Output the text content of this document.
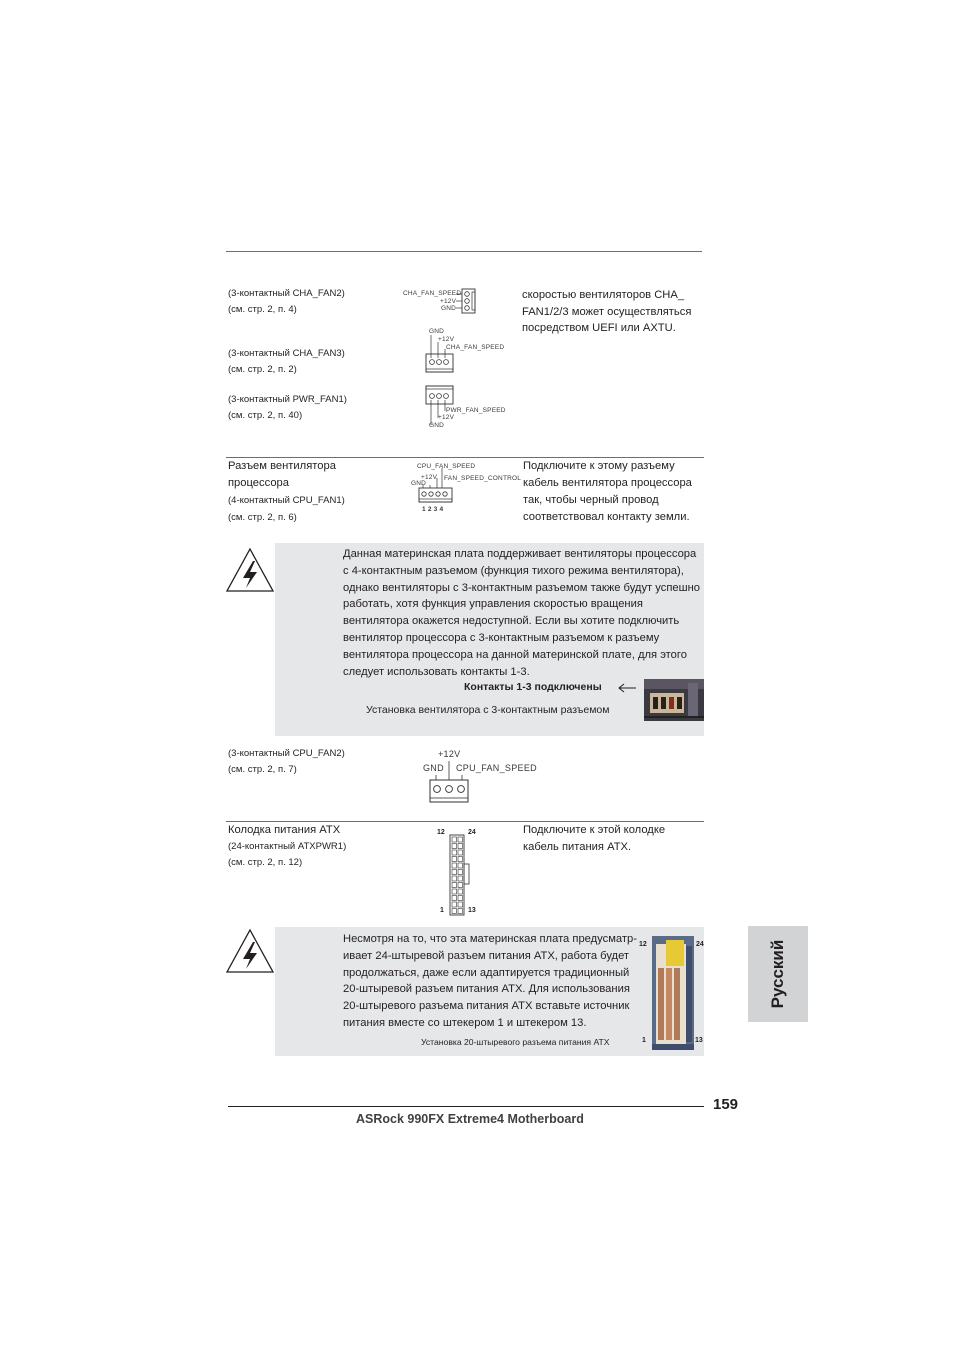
(3-контактный CHA_FAN2)
(см. стр. 2, п. 4)
CHA_FAN_SPEED
+12V
GND
скоростью вентиляторов CHA_
FAN1/2/3 может осуществляться
посредством UEFI или AXTU.
GND
+12V
CHA_FAN_SPEED
(3-контактный CHA_FAN3)
(см. стр. 2, п. 2)
(3-контактный PWR_FAN1)
(см. стр. 2, п. 40)	PWR_FAN_SPEED
+12V
GND
Разъем вентилятора
процессора
(4-контактный CPU_FAN1)
(см. стр. 2, п. 6)
CPU_FAN_SPEED
+12V FAN_SPEED_CONTROL
GND
1 2 3 4
Подключите к этому разъему
кабель вентилятора процессора
так, чтобы черный провод
соответствовал контакту земли.
Данная материнская плата поддерживает вентиляторы процессора
с 4-контактным разъемом (функция тихого режима вентилятора),
однако вентиляторы с 3-контактным разъемом также будут успешно
работать, хотя функция управления скоростью вращения
вентилятора окажется недоступной. Если вы хотите подключить
вентилятор процессора с 3-контактным разъемом к разъему
вентилятора процессора на данной материнской плате, для этого
следует использовать контакты 1-3.
Контакты 1-3 подключены
Установка вентилятора с 3-контактным разъемом
(3-контактный CPU_FAN2)
(см. стр. 2, п. 7)
+12V
GND CPU_FAN_SPEED
Колодка питания ATX
(24-контактный ATXPWR1)
(см. стр. 2, п. 12)
12	24
1	13
Подключите к этой колодке
кабель питания ATX.
Несмотря на то, что эта материнская плата предусматр-
ивает 24-штыревой разъем питания ATX, работа будет
продолжаться, даже если адаптируется традиционный
20-штыревой разъем питания ATX. Для использования
20-штыревого разъема питания ATX вставьте источник
питания вместе со штекером 1 и штекером 13.
Установка 20-штыревого разъема питания ATX
12	24
1	13
Русский
159
ASRock 990FX Extreme4 Motherboard
